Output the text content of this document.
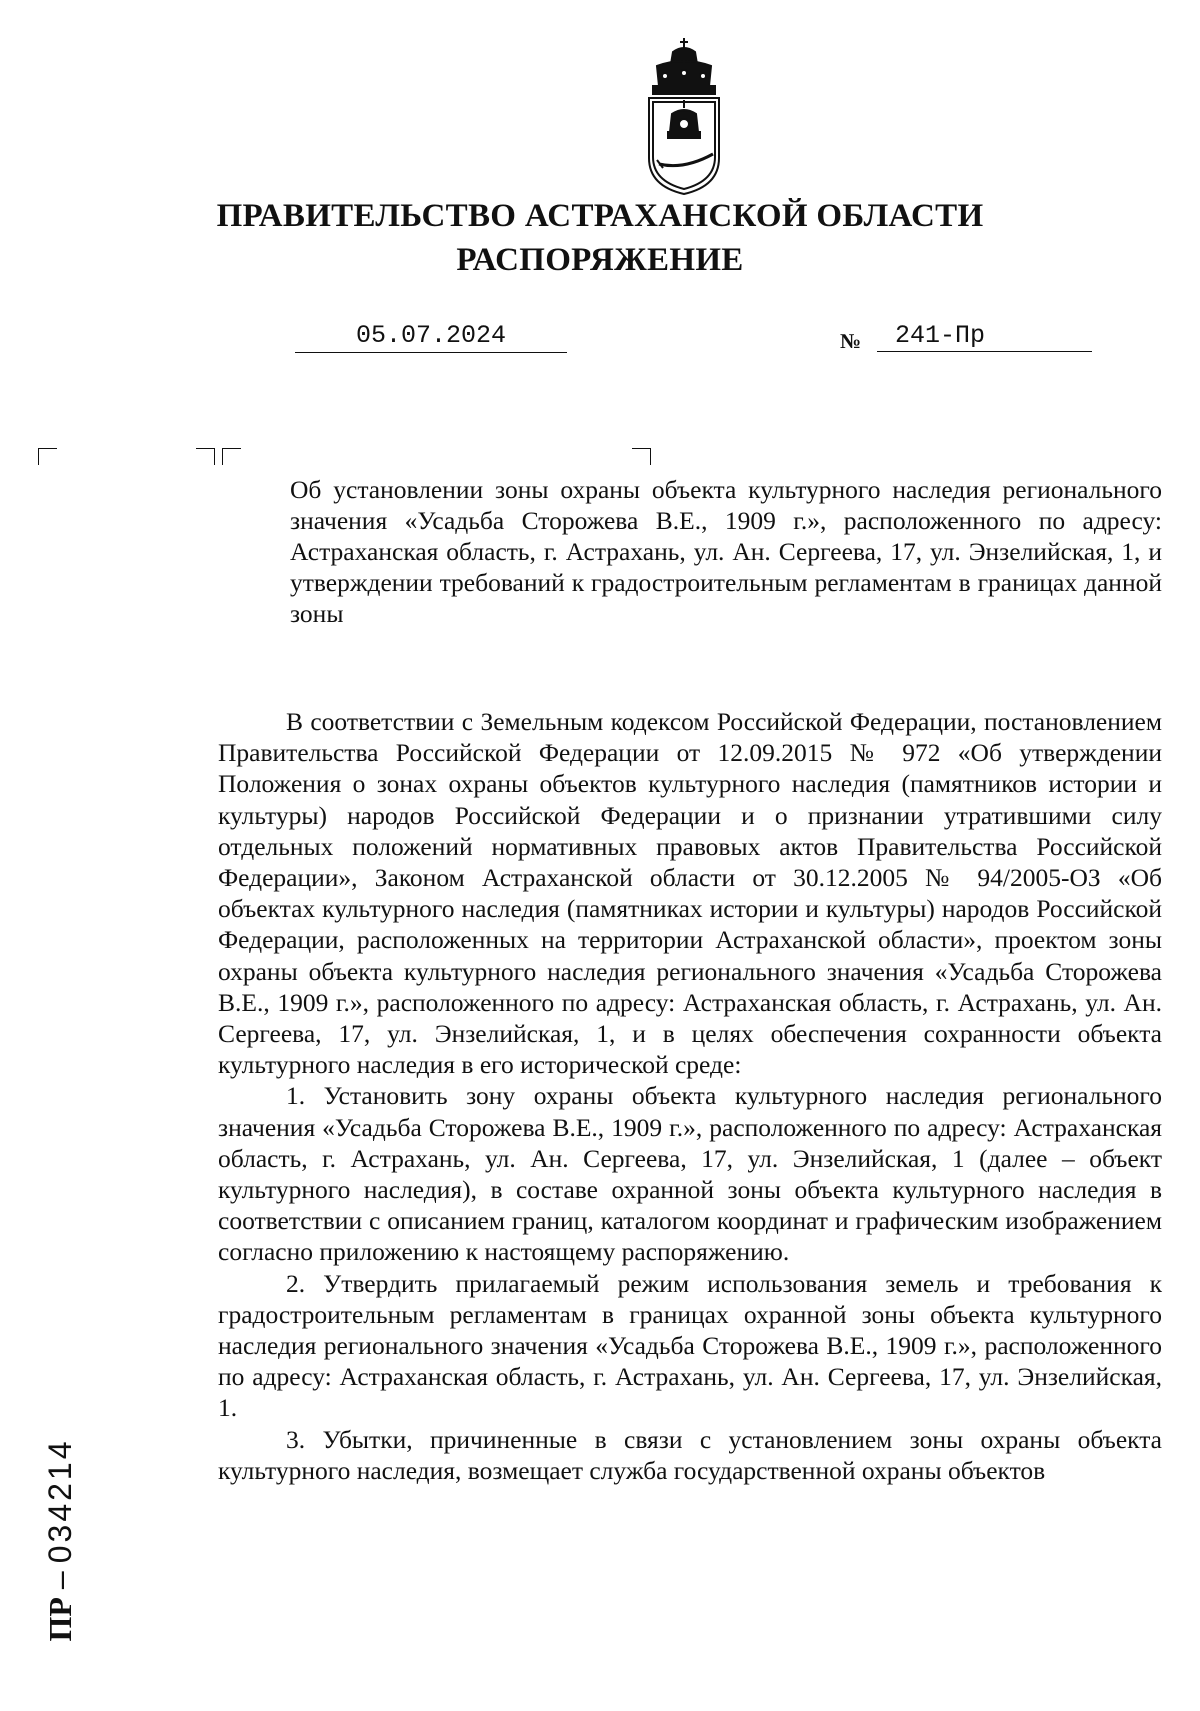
ПРАВИТЕЛЬСТВО АСТРАХАНСКОЙ ОБЛАСТИ
РАСПОРЯЖЕНИЕ
05.07.2024	№	241-Пр
Об установлении зоны охраны объекта культурного наследия регионального значения «Усадьба Сторожева В.Е., 1909 г.», расположенного по адресу: Астраханская область, г. Астрахань, ул. Ан. Сергеева, 17, ул. Энзелийская, 1, и утверждении требований к градостроительным регламентам в границах данной зоны

В соответствии с Земельным кодексом Российской Федерации, постановлением Правительства Российской Федерации от 12.09.2015 № 972 «Об утверждении Положения о зонах охраны объектов культурного наследия (памятников истории и культуры) народов Российской Федерации и о признании утратившими силу отдельных положений нормативных правовых актов Правительства Российской Федерации», Законом Астраханской области от 30.12.2005 № 94/2005-ОЗ «Об объектах культурного наследия (памятниках истории и культуры) народов Российской Федерации, расположенных на территории Астраханской области», проектом зоны охраны объекта культурного наследия регионального значения «Усадьба Сторожева В.Е., 1909 г.», расположенного по адресу: Астраханская область, г. Астрахань, ул. Ан. Сергеева, 17, ул. Энзелийская, 1, и в целях обеспечения сохранности объекта культурного наследия в его исторической среде:

1. Установить зону охраны объекта культурного наследия регионального значения «Усадьба Сторожева В.Е., 1909 г.», расположенного по адресу: Астраханская область, г. Астрахань, ул. Ан. Сергеева, 17, ул. Энзелийская, 1 (далее – объект культурного наследия), в составе охранной зоны объекта культурного наследия в соответствии с описанием границ, каталогом координат и графическим изображением согласно приложению к настоящему распоряжению.

2. Утвердить прилагаемый режим использования земель и требования к градостроительным регламентам в границах охранной зоны объекта культурного наследия регионального значения «Усадьба Сторожева В.Е., 1909 г.», расположенного по адресу: Астраханская область, г. Астрахань, ул. Ан. Сергеева, 17, ул. Энзелийская, 1.

3. Убытки, причиненные в связи с установлением зоны охраны объекта культурного наследия, возмещает служба государственной охраны объектов

ПР – 034214
